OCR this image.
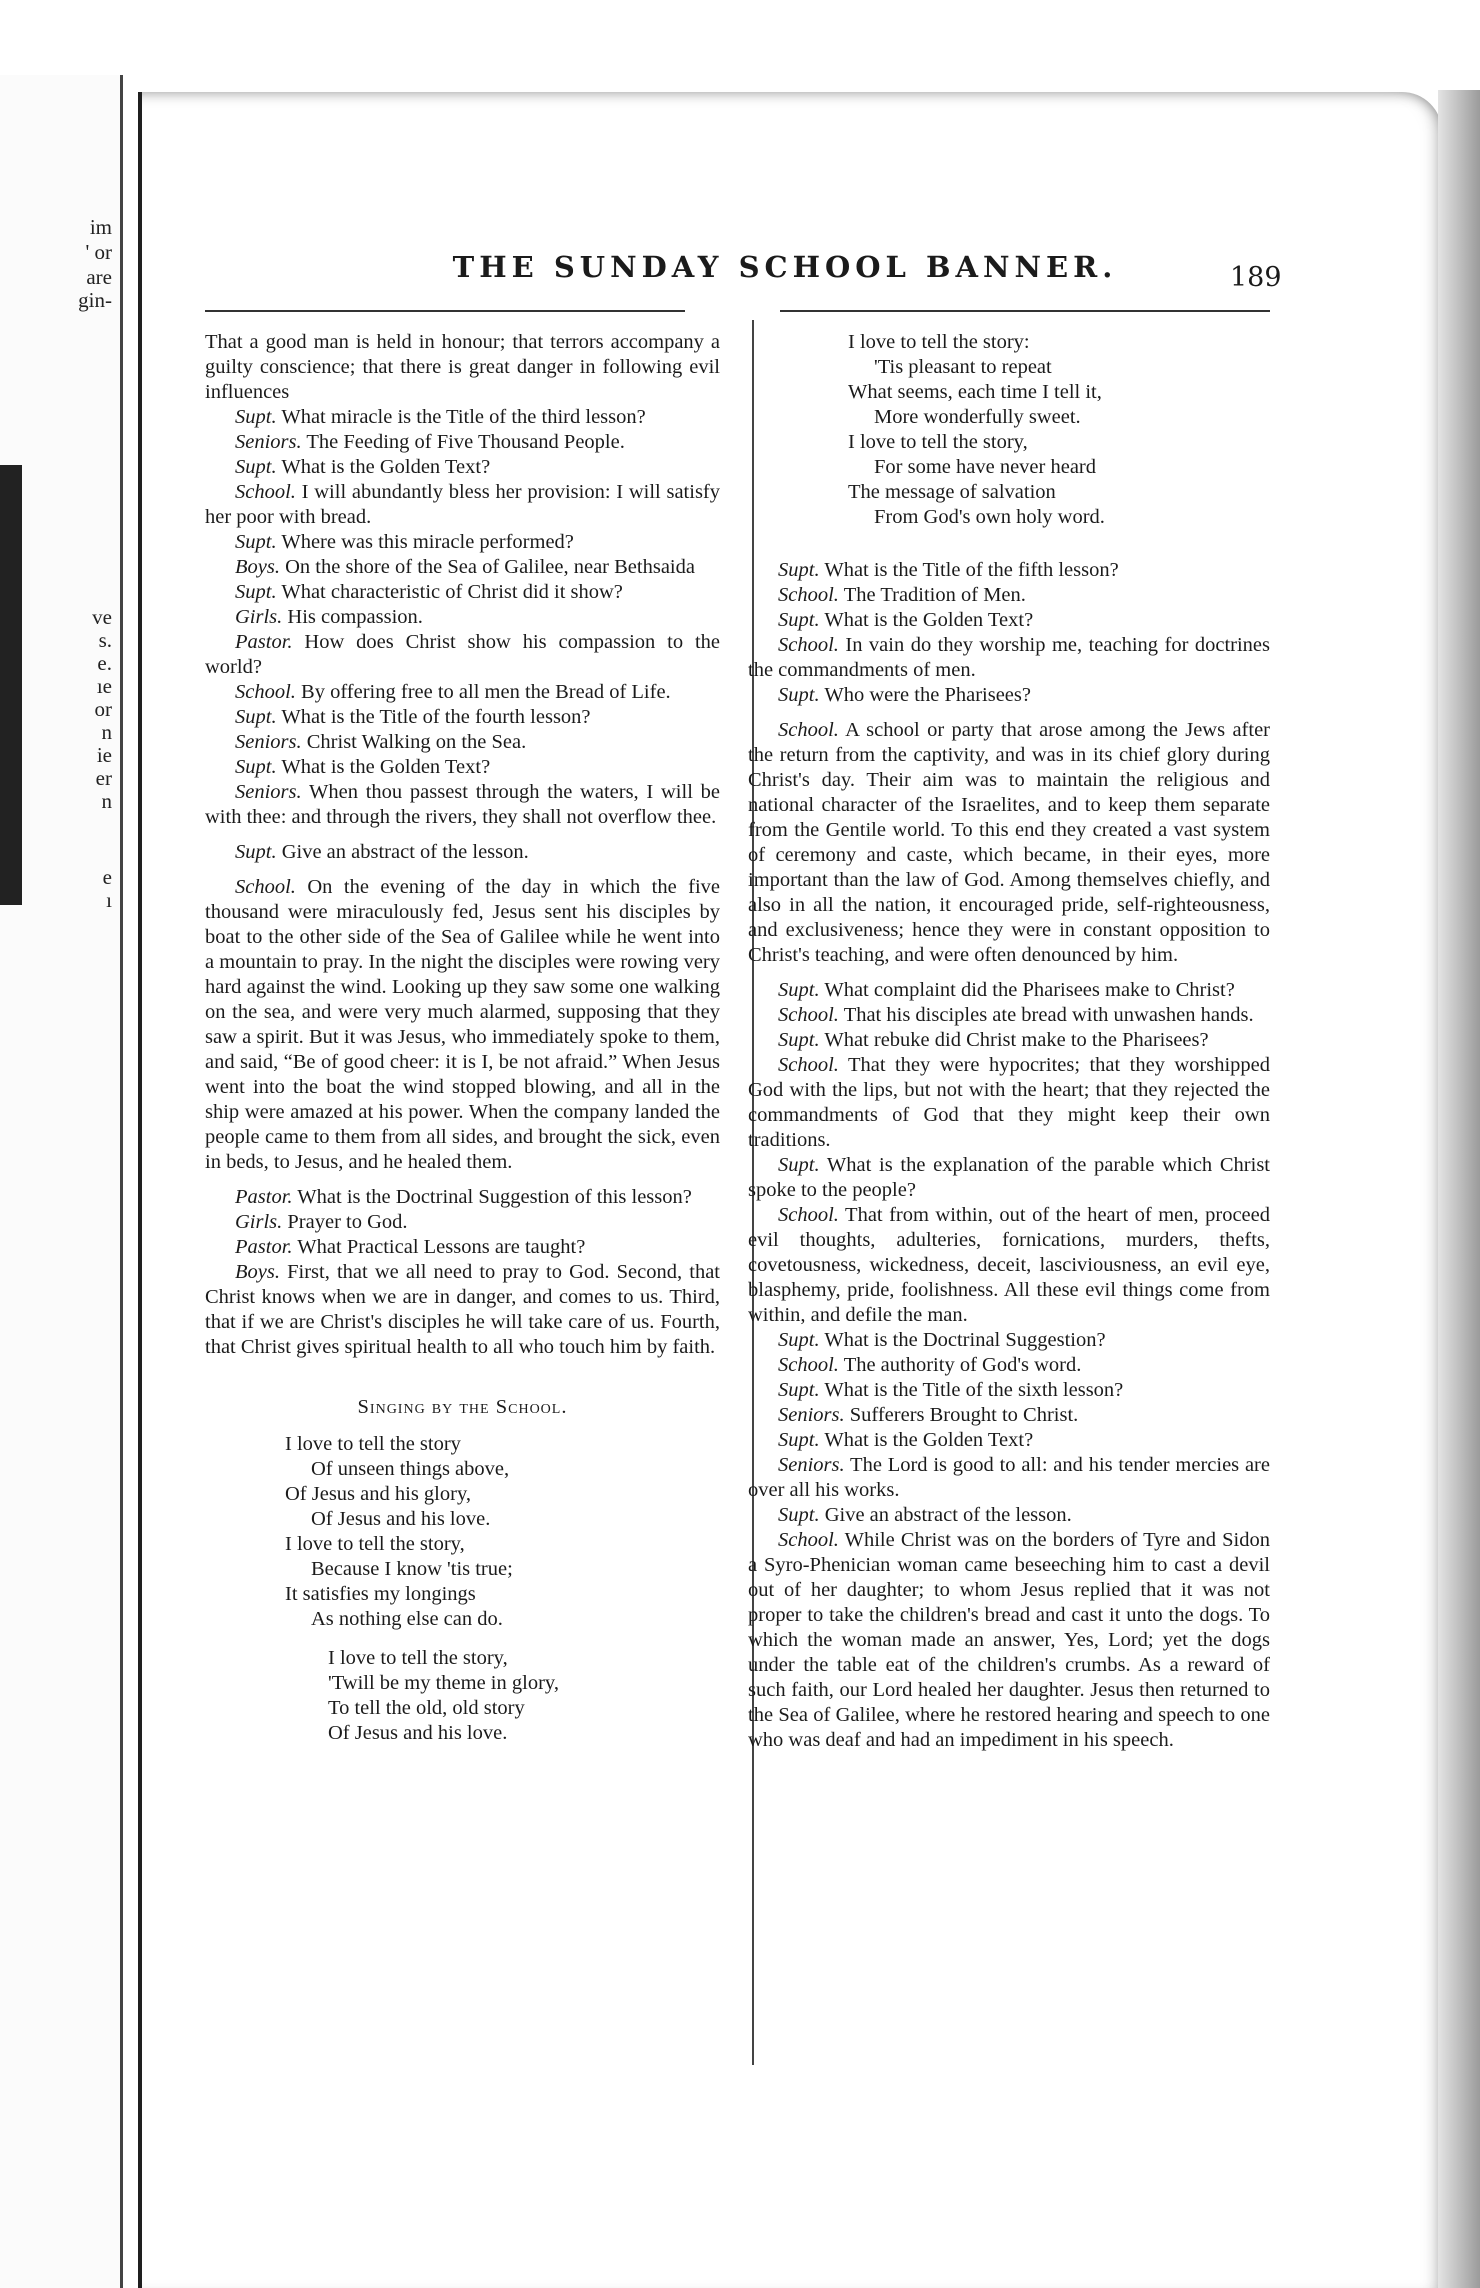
im
' or
are
gin-
ve
s.
e.
ıe
or
n
ie
er
n
e
ı
THE SUNDAY SCHOOL BANNER.	189

That a good man is held in honour; that terrors accompany a guilty conscience; that there is great danger in following evil influences

Supt. What miracle is the Title of the third lesson?

Seniors. The Feeding of Five Thousand People.

Supt. What is the Golden Text?

School. I will abundantly bless her provision: I will satisfy her poor with bread.

Supt. Where was this miracle performed?

Boys. On the shore of the Sea of Galilee, near Bethsaida

Supt. What characteristic of Christ did it show?

Girls. His compassion.

Pastor. How does Christ show his compassion to the world?

School. By offering free to all men the Bread of Life.

Supt. What is the Title of the fourth lesson?

Seniors. Christ Walking on the Sea.

Supt. What is the Golden Text?

Seniors. When thou passest through the waters, I will be with thee: and through the rivers, they shall not overflow thee.

Supt. Give an abstract of the lesson.

School. On the evening of the day in which the five thousand were miraculously fed, Jesus sent his disciples by boat to the other side of the Sea of Galilee while he went into a mountain to pray. In the night the disciples were rowing very hard against the wind. Looking up they saw some one walking on the sea, and were very much alarmed, supposing that they saw a spirit. But it was Jesus, who immediately spoke to them, and said, “Be of good cheer: it is I, be not afraid.” When Jesus went into the boat the wind stopped blowing, and all in the ship were amazed at his power. When the company landed the people came to them from all sides, and brought the sick, even in beds, to Jesus, and he healed them.

Pastor. What is the Doctrinal Suggestion of this lesson?

Girls. Prayer to God.

Pastor. What Practical Lessons are taught?

Boys. First, that we all need to pray to God. Second, that Christ knows when we are in danger, and comes to us. Third, that if we are Christ's disciples he will take care of us. Fourth, that Christ gives spiritual health to all who touch him by faith.

Singing by the School.
I love to tell the story
Of unseen things above,
Of Jesus and his glory,
Of Jesus and his love.
I love to tell the story,
Because I know 'tis true;
It satisfies my longings
As nothing else can do.
I love to tell the story,
'Twill be my theme in glory,
To tell the old, old story
Of Jesus and his love.
I love to tell the story:
'Tis pleasant to repeat
What seems, each time I tell it,
More wonderfully sweet.
I love to tell the story,
For some have never heard
The message of salvation
From God's own holy word.

Supt. What is the Title of the fifth lesson?

School. The Tradition of Men.

Supt. What is the Golden Text?

School. In vain do they worship me, teaching for doctrines the commandments of men.

Supt. Who were the Pharisees?

School. A school or party that arose among the Jews after the return from the captivity, and was in its chief glory during Christ's day. Their aim was to maintain the religious and national character of the Israelites, and to keep them separate from the Gentile world. To this end they created a vast system of ceremony and caste, which became, in their eyes, more important than the law of God. Among themselves chiefly, and also in all the nation, it encouraged pride, self-righteousness, and exclusiveness; hence they were in constant opposition to Christ's teaching, and were often denounced by him.

Supt. What complaint did the Pharisees make to Christ?

School. That his disciples ate bread with unwashen hands.

Supt. What rebuke did Christ make to the Pharisees?

School. That they were hypocrites; that they worshipped God with the lips, but not with the heart; that they rejected the commandments of God that they might keep their own traditions.

Supt. What is the explanation of the parable which Christ spoke to the people?

School. That from within, out of the heart of men, proceed evil thoughts, adulteries, fornications, murders, thefts, covetousness, wickedness, deceit, lasciviousness, an evil eye, blasphemy, pride, foolishness. All these evil things come from within, and defile the man.

Supt. What is the Doctrinal Suggestion?

School. The authority of God's word.

Supt. What is the Title of the sixth lesson?

Seniors. Sufferers Brought to Christ.

Supt. What is the Golden Text?

Seniors. The Lord is good to all: and his tender mercies are over all his works.

Supt. Give an abstract of the lesson.

School. While Christ was on the borders of Tyre and Sidon a Syro-Phenician woman came beseeching him to cast a devil out of her daughter; to whom Jesus replied that it was not proper to take the children's bread and cast it unto the dogs. To which the woman made an answer, Yes, Lord; yet the dogs under the table eat of the children's crumbs. As a reward of such faith, our Lord healed her daughter. Jesus then returned to the Sea of Galilee, where he restored hearing and speech to one who was deaf and had an impediment in his speech.
